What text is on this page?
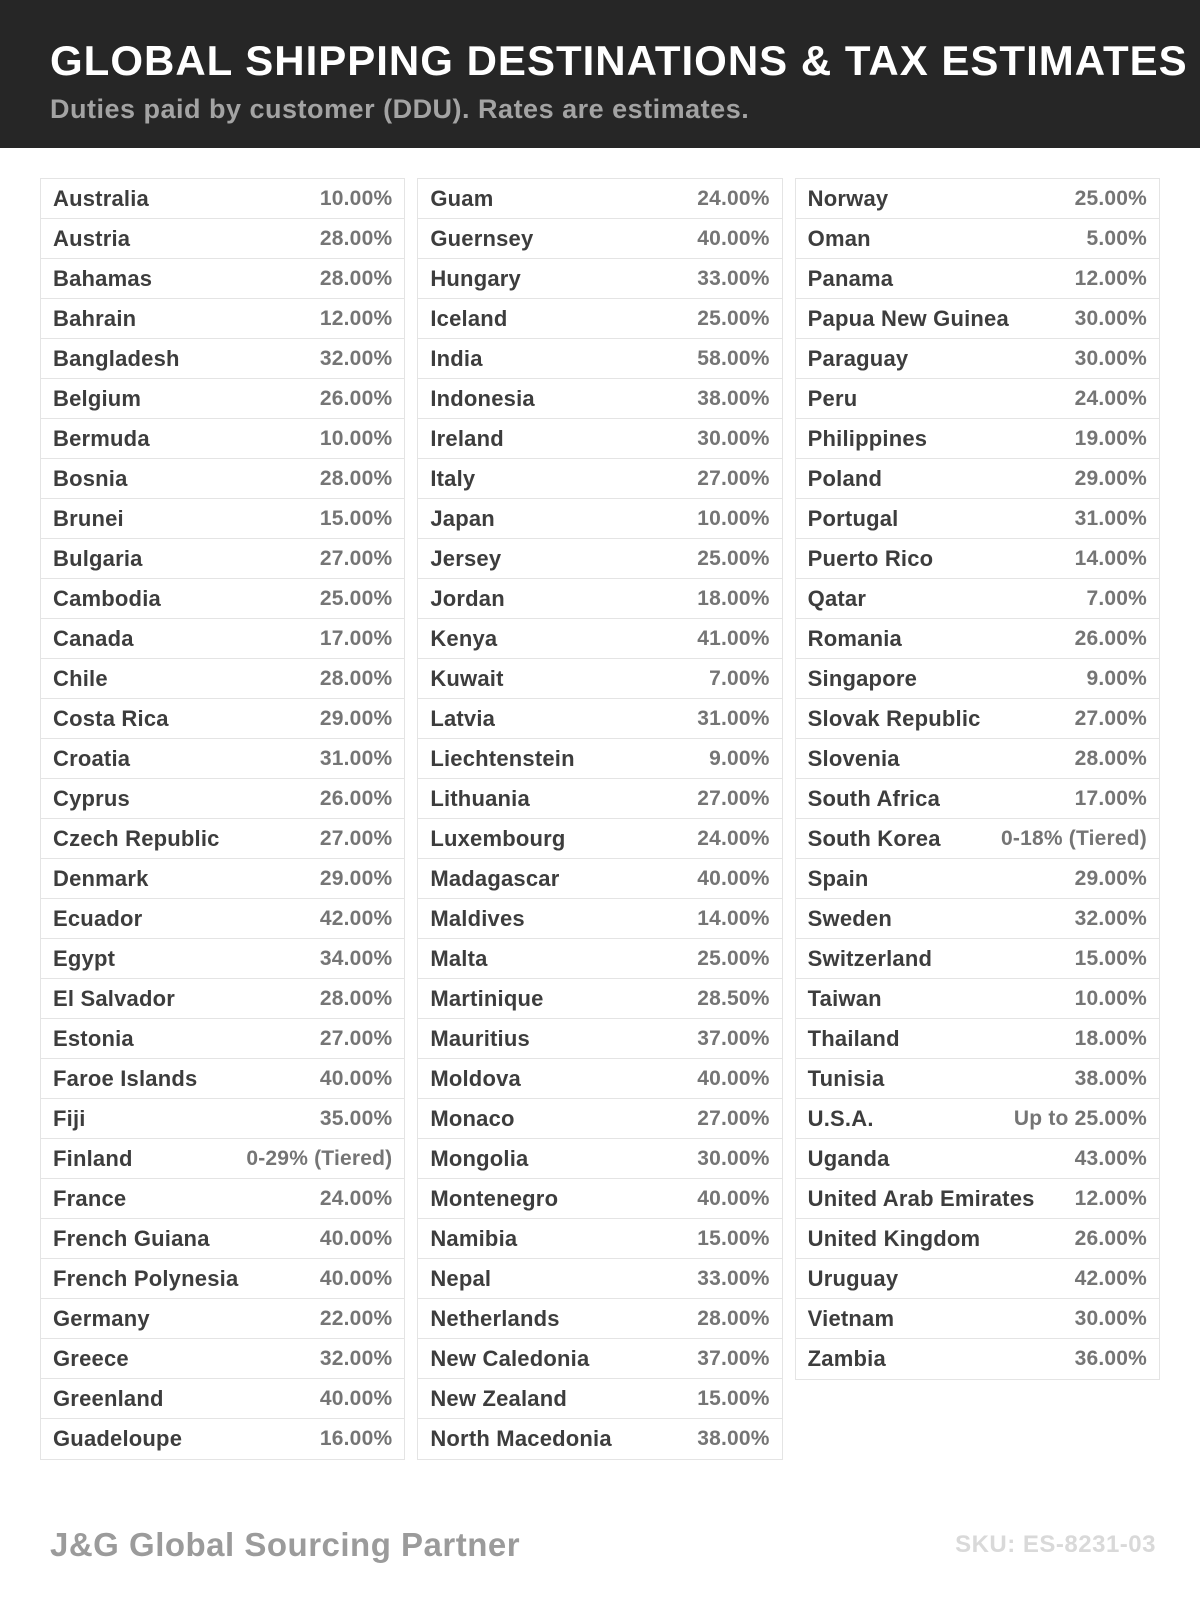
GLOBAL SHIPPING DESTINATIONS & TAX ESTIMATES

Duties paid by customer (DDU). Rates are estimates.

Australia	10.00%
Austria	28.00%
Bahamas	28.00%
Bahrain	12.00%
Bangladesh	32.00%
Belgium	26.00%
Bermuda	10.00%
Bosnia	28.00%
Brunei	15.00%
Bulgaria	27.00%
Cambodia	25.00%
Canada	17.00%
Chile	28.00%
Costa Rica	29.00%
Croatia	31.00%
Cyprus	26.00%
Czech Republic	27.00%
Denmark	29.00%
Ecuador	42.00%
Egypt	34.00%
El Salvador	28.00%
Estonia	27.00%
Faroe Islands	40.00%
Fiji	35.00%
Finland	0-29% (Tiered)
France	24.00%
French Guiana	40.00%
French Polynesia	40.00%
Germany	22.00%
Greece	32.00%
Greenland	40.00%
Guadeloupe	16.00%
Guam	24.00%
Guernsey	40.00%
Hungary	33.00%
Iceland	25.00%
India	58.00%
Indonesia	38.00%
Ireland	30.00%
Italy	27.00%
Japan	10.00%
Jersey	25.00%
Jordan	18.00%
Kenya	41.00%
Kuwait	7.00%
Latvia	31.00%
Liechtenstein	9.00%
Lithuania	27.00%
Luxembourg	24.00%
Madagascar	40.00%
Maldives	14.00%
Malta	25.00%
Martinique	28.50%
Mauritius	37.00%
Moldova	40.00%
Monaco	27.00%
Mongolia	30.00%
Montenegro	40.00%
Namibia	15.00%
Nepal	33.00%
Netherlands	28.00%
New Caledonia	37.00%
New Zealand	15.00%
North Macedonia	38.00%
Norway	25.00%
Oman	5.00%
Panama	12.00%
Papua New Guinea	30.00%
Paraguay	30.00%
Peru	24.00%
Philippines	19.00%
Poland	29.00%
Portugal	31.00%
Puerto Rico	14.00%
Qatar	7.00%
Romania	26.00%
Singapore	9.00%
Slovak Republic	27.00%
Slovenia	28.00%
South Africa	17.00%
South Korea	0-18% (Tiered)
Spain	29.00%
Sweden	32.00%
Switzerland	15.00%
Taiwan	10.00%
Thailand	18.00%
Tunisia	38.00%
U.S.A.	Up to 25.00%
Uganda	43.00%
United Arab Emirates 12.00%
United Kingdom	26.00%
Uruguay	42.00%
Vietnam	30.00%
Zambia	36.00%
J&G Global Sourcing Partner	SKU: ES-8231-03
